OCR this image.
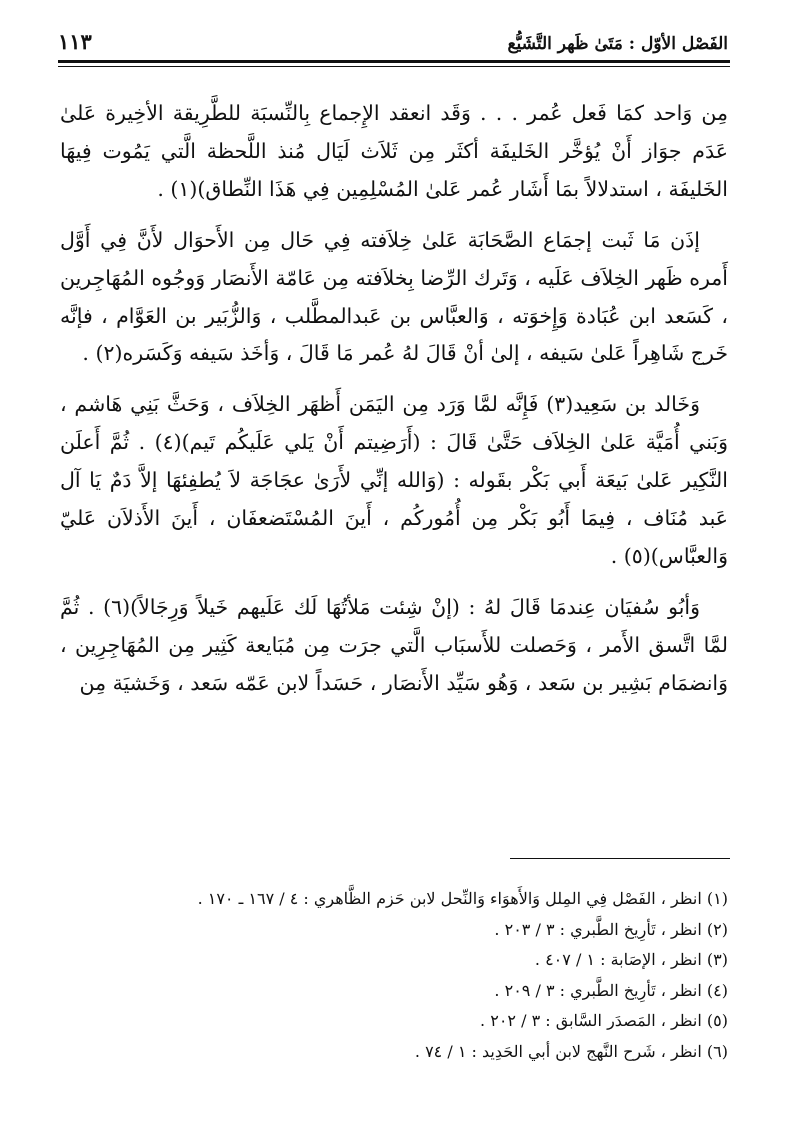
١١٣	الفَصْل الأوّل : مَتَىٰ ظَهر التَّشَيُّع

مِن وَاحد كمَا فَعل عُمر . . . وَقَد انعقد الإِجماع بِالنِّسبَة للطَّرِيقة الأخِيرة عَلىٰ عَدَم جوَاز أَنْ يُؤخَّر الخَليفَة أكثَر مِن ثَلاَث لَيَال مُنذ اللَّحظة الَّتي يَمُوت فِيهَا الخَليفَة ، استدلالاً بمَا أَشَار عُمر عَلىٰ المُسْلِمِين فِي هَذَا النِّطاق)(١) .

إذَن مَا ثَبت إجمَاع الصَّحَابَة عَلىٰ خِلاَفته فِي حَال مِن الأَحوَال لأَنَّ فِي أَوَّل أَمره ظَهر الخِلاَف عَلَيه ، وَتَرك الرِّضا بِخلاَفته مِن عَامّة الأَنصَار وَوجُوه المُهَاجِرين ، كَسَعد ابن عُبَادة وَإِخوَته ، وَالعبَّاس بن عَبدالمطَّلب ، وَالزُّبَير بن العَوَّام ، فإنَّه خَرج شَاهِراً عَلىٰ سَيفه ، إلىٰ أنْ قَالَ لهُ عُمر مَا قَالَ ، وَأخَذ سَيفه وَكَسَره(٢) .

وَخَالد بن سَعِيد(٣) فَإِنَّه لمَّا وَرَد مِن اليَمَن أَظهَر الخِلاَف ، وَحَثَّ بَنِي هَاشم ، وَبَني أُمَيَّة عَلىٰ الخِلاَف حَتَّىٰ قَالَ : (أَرَضِيتم أَنْ يَلي عَلَيكُم تَيم)(٤) . ثُمَّ أَعلَن النَّكِير عَلىٰ بَيعَة أَبي بَكْر بقَوله : (وَالله إنِّي لأَرَىٰ عجَاجَة لاَ يُطفِئهَا إلاَّ دَمٌ يَا آل عَبد مُنَاف ، فِيمَا أَبُو بَكْر مِن أُمُوركُم ، أَينَ المُسْتَضعفَان ، أَينَ الأَذلاَن عَليّ وَالعبَّاس)(٥) .

وَأبُو سُفيَان عِندمَا قَالَ لهُ : (إنْ شِئت مَلأتُهَا لَك عَلَيهم خَيلاً وَرِجَالاً)(٦) . ثُمَّ لمَّا اتَّسق الأَمر ، وَحَصلت للأَسبَاب الَّتي جرَت مِن مُبَايعة كَثِير مِن المُهَاجِرِين ، وَانضمَام بَشِير بن سَعد ، وَهُو سَيِّد الأَنصَار ، حَسَداً لابن عَمّه سَعد ، وَخَشيَة مِن

(١) انظر ، الفَصْل فِي المِلل وَالأَهوَاء وَالنِّحل لابن حَزم الظَّاهري : ٤ / ١٦٧ ـ ١٧٠ .
(٢) انظر ، تَأرِيخ الطَّبري : ٣ / ٢٠٣ .
(٣) انظر ، الإصَابة : ١ / ٤٠٧ .
(٤) انظر ، تَأرِيخ الطَّبري : ٣ / ٢٠٩ .
(٥) انظر ، المَصدَر السَّابق : ٣ / ٢٠٢ .
(٦) انظر ، شَرح النَّهج لابن أبي الحَدِيد : ١ / ٧٤ .
